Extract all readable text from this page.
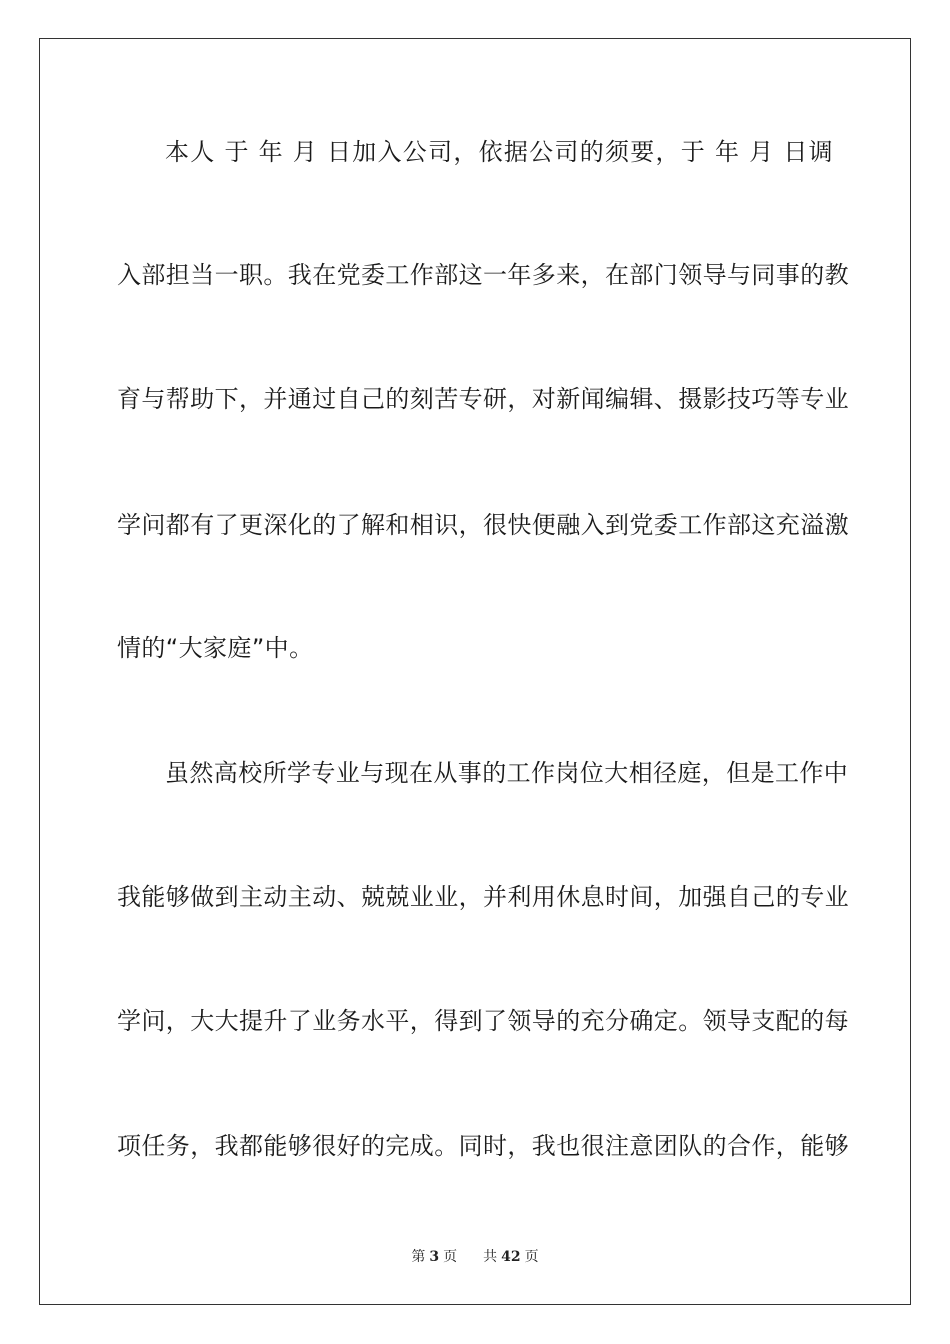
本人 于 年 月 日加入公司，依据公司的须要，于 年 月 日调
入部担当一职。我在党委工作部这一年多来，在部门领导与同事的教
育与帮助下，并通过自己的刻苦专研，对新闻编辑、摄影技巧等专业
学问都有了更深化的了解和相识，很快便融入到党委工作部这充溢激
情的“大家庭”中。
虽然高校所学专业与现在从事的工作岗位大相径庭，但是工作中
我能够做到主动主动、兢兢业业，并利用休息时间，加强自己的专业
学问，大大提升了业务水平，得到了领导的充分确定。领导支配的每
项任务，我都能够很好的完成。同时，我也很注意团队的合作，能够
第 3 页 共 42 页
